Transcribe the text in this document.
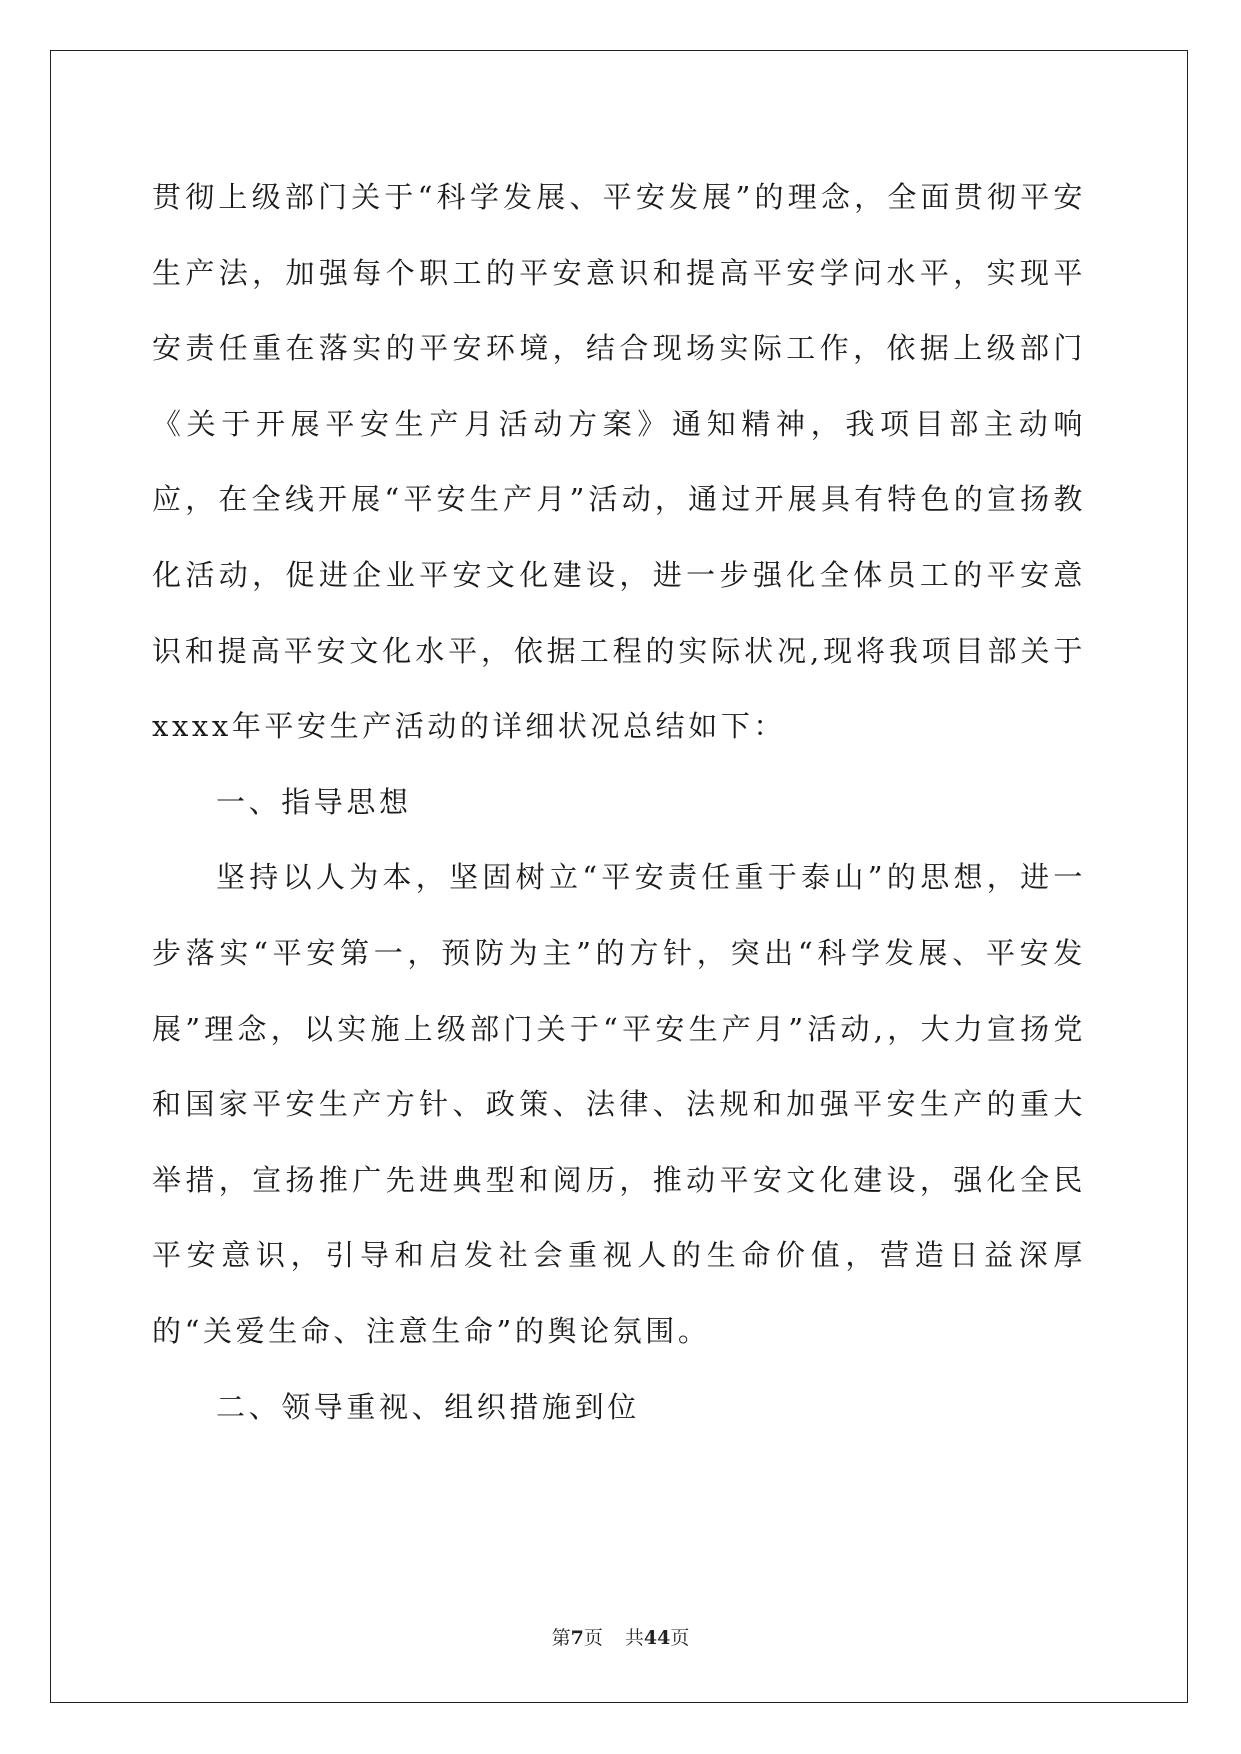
贯彻上级部门关于“科学发展、平安发展”的理念，全面贯彻平安生产法，加强每个职工的平安意识和提高平安学问水平，实现平安责任重在落实的平安环境，结合现场实际工作，依据上级部门《关于开展平安生产月活动方案》通知精神，我项目部主动响应，在全线开展“平安生产月”活动，通过开展具有特色的宣扬教化活动，促进企业平安文化建设，进一步强化全体员工的平安意识和提高平安文化水平，依据工程的实际状况,现将我项目部关于xxxx年平安生产活动的详细状况总结如下：

一、指导思想

坚持以人为本，坚固树立“平安责任重于泰山”的思想，进一步落实“平安第一，预防为主”的方针，突出“科学发展、平安发展”理念，以实施上级部门关于“平安生产月”活动,，大力宣扬党和国家平安生产方针、政策、法律、法规和加强平安生产的重大举措，宣扬推广先进典型和阅历，推动平安文化建设，强化全民平安意识，引导和启发社会重视人的生命价值，营造日益深厚的“关爱生命、注意生命”的舆论氛围。

二、领导重视、组织措施到位

第7页 共44页
